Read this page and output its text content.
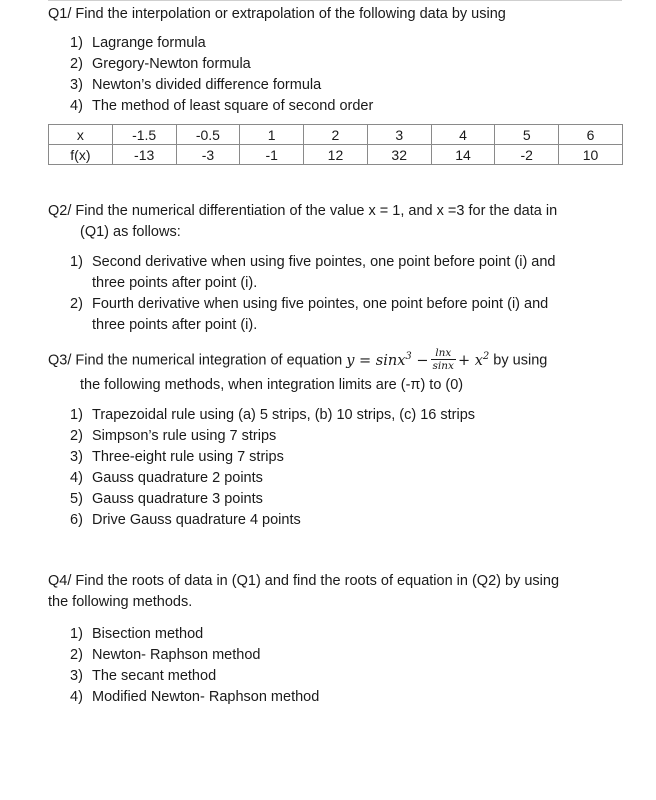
Q1/ Find the interpolation or extrapolation of the following data by using
1) Lagrange formula
2) Gregory-Newton formula
3) Newton’s divided difference formula
4) The method of least square of second order
x	-1.5	-0.5	1	2	3	4	5	6
f(x)	-13	-3	-1	12	32	14	-2	10
Q2/ Find the numerical differentiation of the value x = 1, and x =3 for the data in
(Q1) as follows:
1) Second derivative when using five pointes, one point before point (i) and
three points after point (i).
2) Fourth derivative when using five pointes, one point before point (i) and
three points after point (i).
Q3/ Find the numerical integration of equation $y = \sin x^3 - \frac{\ln x}{\sin x} + x^2$ by using
the following methods, when integration limits are (-π) to (0)
1) Trapezoidal rule using (a) 5 strips, (b) 10 strips, (c) 16 strips
2) Simpson’s rule using 7 strips
3) Three-eight rule using 7 strips
4) Gauss quadrature 2 points
5) Gauss quadrature 3 points
6) Drive Gauss quadrature 4 points
Q4/ Find the roots of data in (Q1) and find the roots of equation in (Q2) by using
the following methods.
1) Bisection method
2) Newton- Raphson method
3) The secant method
4) Modified Newton- Raphson method
